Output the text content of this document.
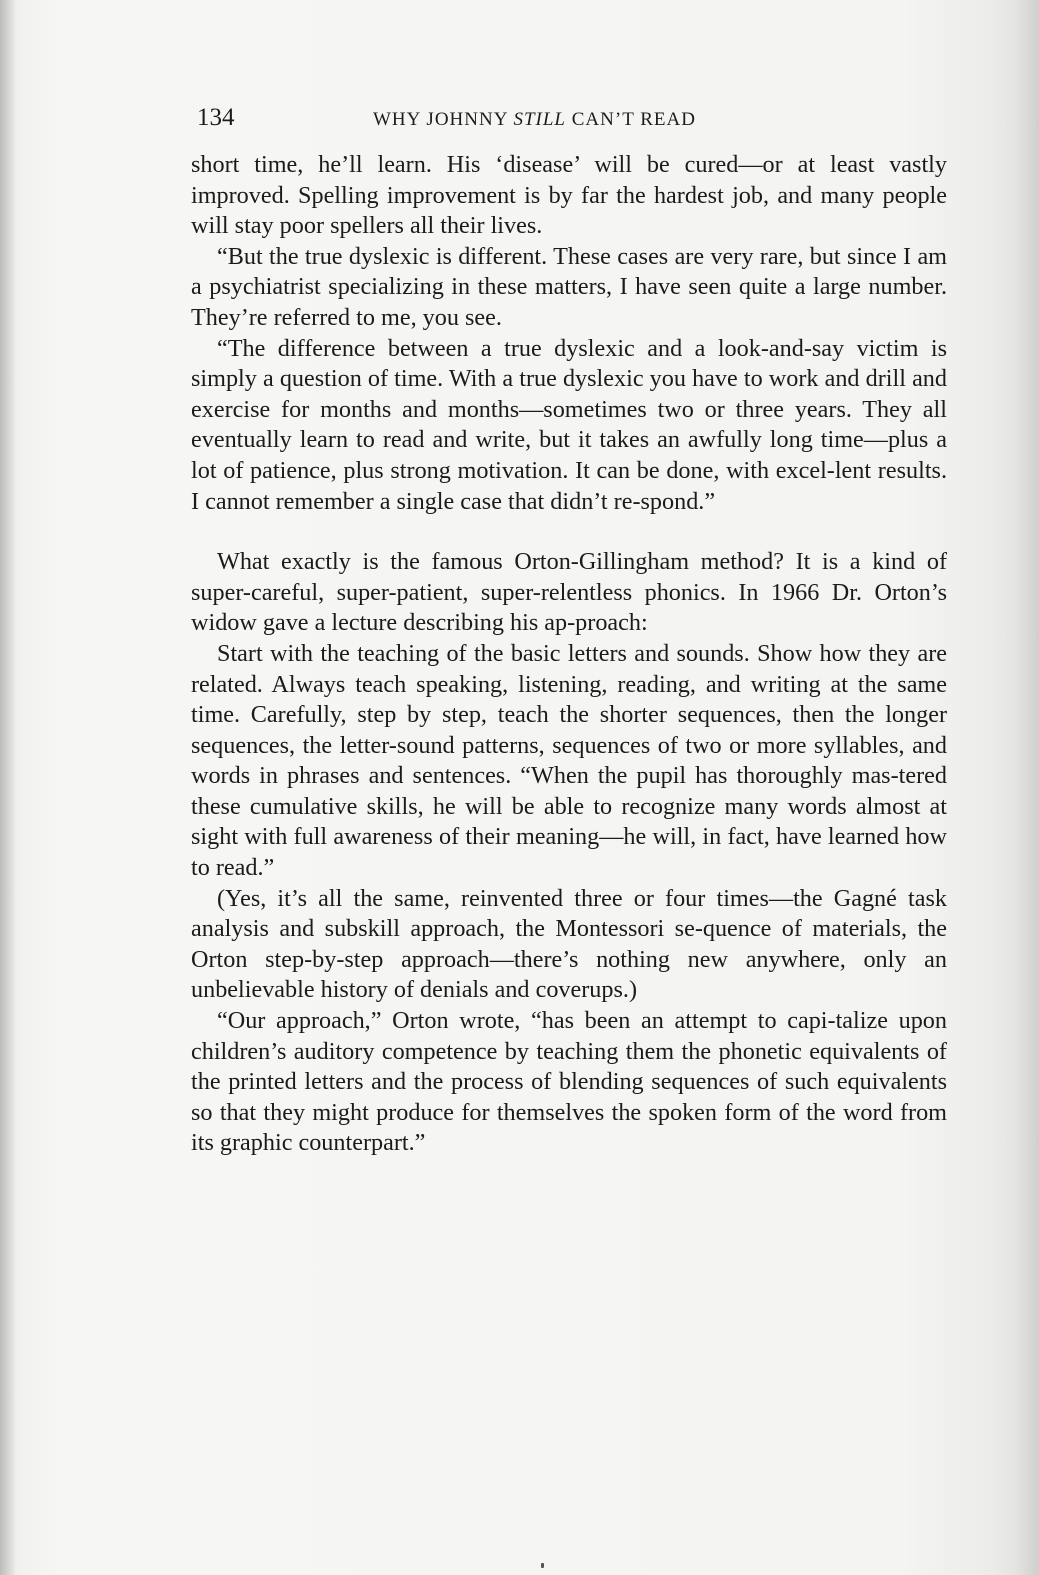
134	WHY JOHNNY STILL CAN’T READ

short time, he’ll learn. His ‘disease’ will be cured—or at least vastly improved. Spelling improvement is by far the hardest job, and many people will stay poor spellers all their lives.

“But the true dyslexic is different. These cases are very rare, but since I am a psychiatrist specializing in these matters, I have seen quite a large number. They’re referred to me, you see.

“The difference between a true dyslexic and a look-and-say victim is simply a question of time. With a true dyslexic you have to work and drill and exercise for months and months—sometimes two or three years. They all eventually learn to read and write, but it takes an awfully long time—plus a lot of patience, plus strong motivation. It can be done, with excel-lent results. I cannot remember a single case that didn’t re-spond.”

What exactly is the famous Orton-Gillingham method? It is a kind of super-careful, super-patient, super-relentless phonics. In 1966 Dr. Orton’s widow gave a lecture describing his ap-proach:

Start with the teaching of the basic letters and sounds. Show how they are related. Always teach speaking, listening, reading, and writing at the same time. Carefully, step by step, teach the shorter sequences, then the longer sequences, the letter-sound patterns, sequences of two or more syllables, and words in phrases and sentences. “When the pupil has thoroughly mas-tered these cumulative skills, he will be able to recognize many words almost at sight with full awareness of their meaning—he will, in fact, have learned how to read.”

(Yes, it’s all the same, reinvented three or four times—the Gagné task analysis and subskill approach, the Montessori se-quence of materials, the Orton step-by-step approach—there’s nothing new anywhere, only an unbelievable history of denials and coverups.)

“Our approach,” Orton wrote, “has been an attempt to capi-talize upon children’s auditory competence by teaching them the phonetic equivalents of the printed letters and the process of blending sequences of such equivalents so that they might produce for themselves the spoken form of the word from its graphic counterpart.”
